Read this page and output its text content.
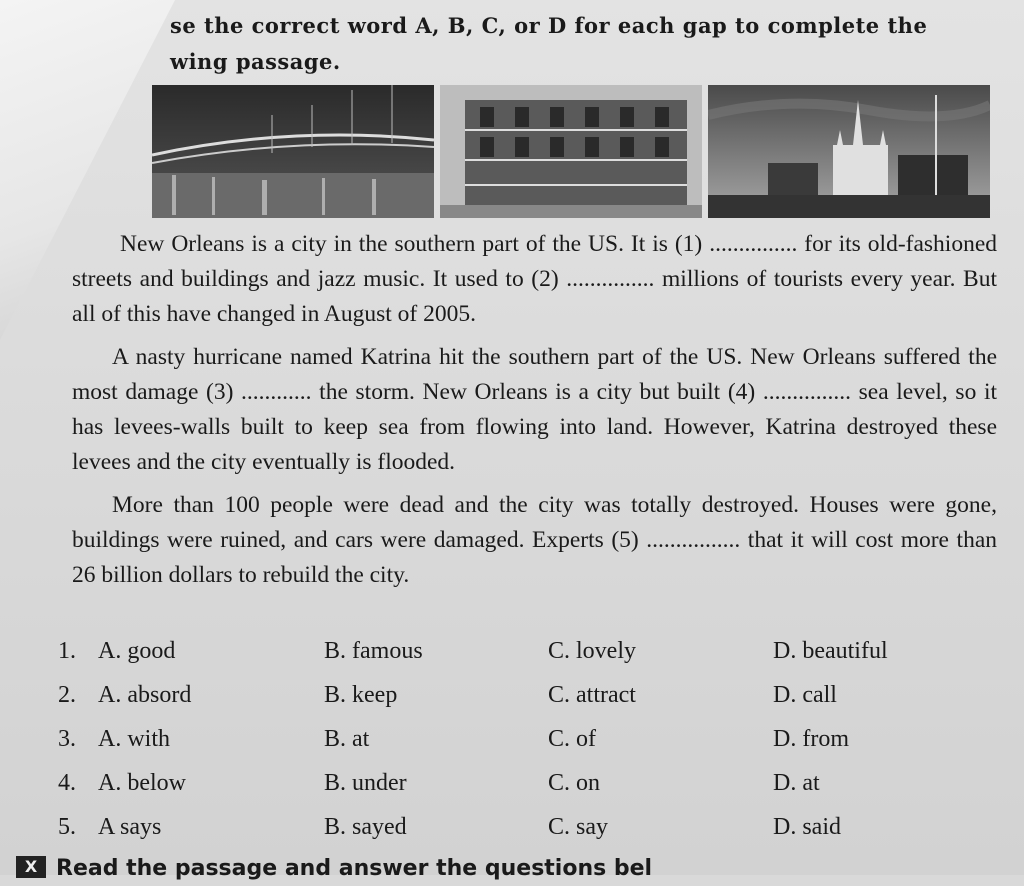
se the correct word A, B, C, or D for each gap to complete the
wing passage.

New Orleans is a city in the southern part of the US. It is (1) ............... for its old-fashioned streets and buildings and jazz music. It used to (2) ............... millions of tourists every year. But all of this have changed in August of 2005.

A nasty hurricane named Katrina hit the southern part of the US. New Orleans suffered the most damage (3) ............ the storm. New Orleans is a city but built (4) ............... sea level, so it has levees-walls built to keep sea from flowing into land. However, Katrina destroyed these levees and the city eventually is flooded.

More than 100 people were dead and the city was totally destroyed. Houses were gone, buildings were ruined, and cars were damaged. Experts (5) ................ that it will cost more than 26 billion dollars to rebuild the city.

1. A. good	B. famous	C. lovely	D. beautiful
2. A. absord	B. keep	C. attract	D. call
3. A. with	B. at	C. of	D. from
4. A. below	B. under	C. on	D. at
5. A says	B. sayed	C. say	D. said
X Read the passage and answer the questions bel
